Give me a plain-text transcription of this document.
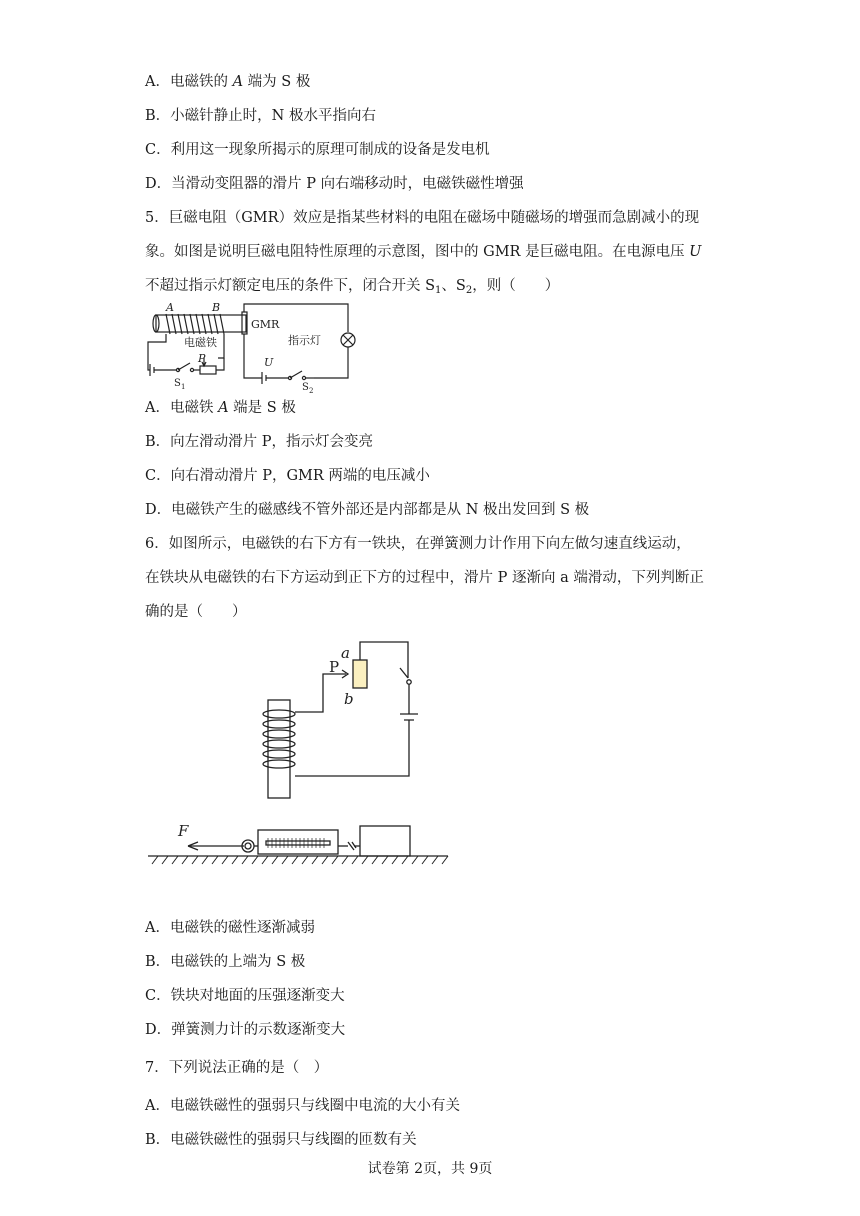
A．电磁铁的 A 端为 S 极
B．小磁针静止时，N 极水平指向右
C．利用这一现象所揭示的原理可制成的设备是发电机
D．当滑动变阻器的滑片 P 向右端移动时，电磁铁磁性增强
5．巨磁电阻（GMR）效应是指某些材料的电阻在磁场中随磁场的增强而急剧减小的现
象。如图是说明巨磁电阻特性原理的示意图，图中的 GMR 是巨磁电阻。在电源电压 U
不超过指示灯额定电压的条件下，闭合开关 $S_1$、$S_2$，则（　　）
A	B
电磁铁
P
S 1
GMR
指示灯
U
S 2
A．电磁铁 A 端是 S 极
B．向左滑动滑片 P，指示灯会变亮
C．向右滑动滑片 P，GMR 两端的电压减小
D．电磁铁产生的磁感线不管外部还是内部都是从 N 极出发回到 S 极
6．如图所示，电磁铁的右下方有一铁块，在弹簧测力计作用下向左做匀速直线运动，
在铁块从电磁铁的右下方运动到正下方的过程中，滑片 P 逐渐向 a 端滑动，下列判断正
确的是（　　）
P
a
b
F
A．电磁铁的磁性逐渐减弱
B．电磁铁的上端为 S 极
C．铁块对地面的压强逐渐变大
D．弹簧测力计的示数逐渐变大
7．下列说法正确的是（　）
A．电磁铁磁性的强弱只与线圈中电流的大小有关
B．电磁铁磁性的强弱只与线圈的匝数有关
试卷第 2页，共 9页
